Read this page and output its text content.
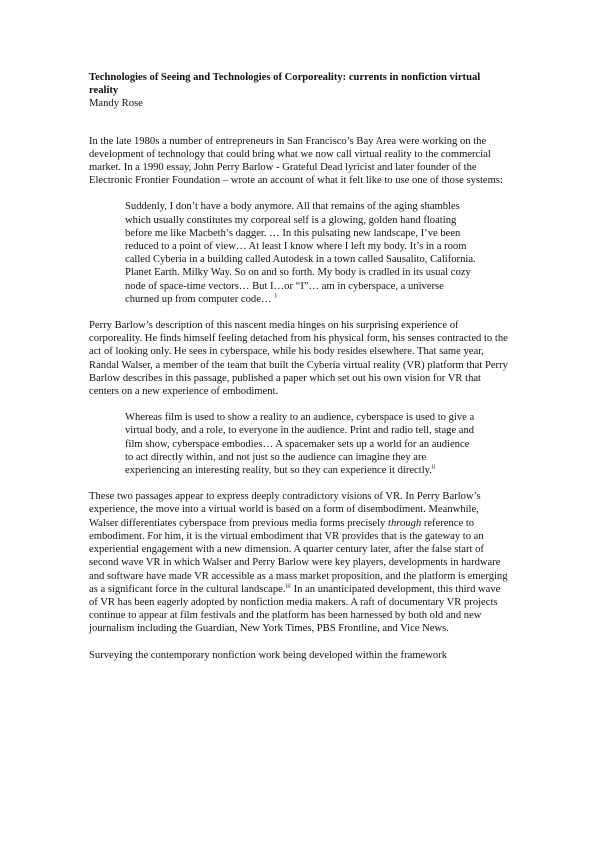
Technologies of Seeing and Technologies of Corporeality: currents in nonfiction virtual reality

Mandy Rose

In the late 1980s a number of entrepreneurs in San Francisco’s Bay Area were working on the development of technology that could bring what we now call virtual reality to the commercial market. In a 1990 essay, John Perry Barlow - Grateful Dead lyricist and later founder of the Electronic Frontier Foundation – wrote an account of what it felt like to use one of those systems:

Suddenly, I don’t have a body anymore. All that remains of the aging shambles which usually constitutes my corporeal self is a glowing, golden hand floating before me like Macbeth’s dagger. … In this pulsating new landscape, I’ve been reduced to a point of view… At least I know where I left my body. It’s in a room called Cyberia in a building called Autodesk in a town called Sausalito, California. Planet Earth. Milky Way. So on and so forth. My body is cradled in its usual cozy node of space-time vectors… But I…or “I”… am in cyberspace, a universe churned up from computer code… $^1$

Perry Barlow’s description of this nascent media hinges on his surprising experience of corporeality. He finds himself feeling detached from his physical form, his senses contracted to the act of looking only. He sees in cyberspace, while his body resides elsewhere. That same year, Randal Walser, a member of the team that built the Cyberia virtual reality (VR) platform that Perry Barlow describes in this passage, published a paper which set out his own vision for VR that centers on a new experience of embodiment.

Whereas film is used to show a reality to an audience, cyberspace is used to give a virtual body, and a role, to everyone in the audience. Print and radio tell, stage and film show, cyberspace embodies… A spacemaker sets up a world for an audience to act directly within, and not just so the audience can imagine they are experiencing an interesting reality, but so they can experience it directly.$^{ii}$

These two passages appear to express deeply contradictory visions of VR. In Perry Barlow’s experience, the move into a virtual world is based on a form of disembodiment. Meanwhile, Walser differentiates cyberspace from previous media forms precisely through reference to embodiment. For him, it is the virtual embodiment that VR provides that is the gateway to an experiential engagement with a new dimension. A quarter century later, after the false start of second wave VR in which Walser and Perry Barlow were key players, developments in hardware and software have made VR accessible as a mass market proposition, and the platform is emerging as a significant force in the cultural landscape.$^{iii}$ In an unanticipated development, this third wave of VR has been eagerly adopted by nonfiction media makers. A raft of documentary VR projects continue to appear at film festivals and the platform has been harnessed by both old and new journalism including the Guardian, New York Times, PBS Frontline, and Vice News.

Surveying the contemporary nonfiction work being developed within the framework
